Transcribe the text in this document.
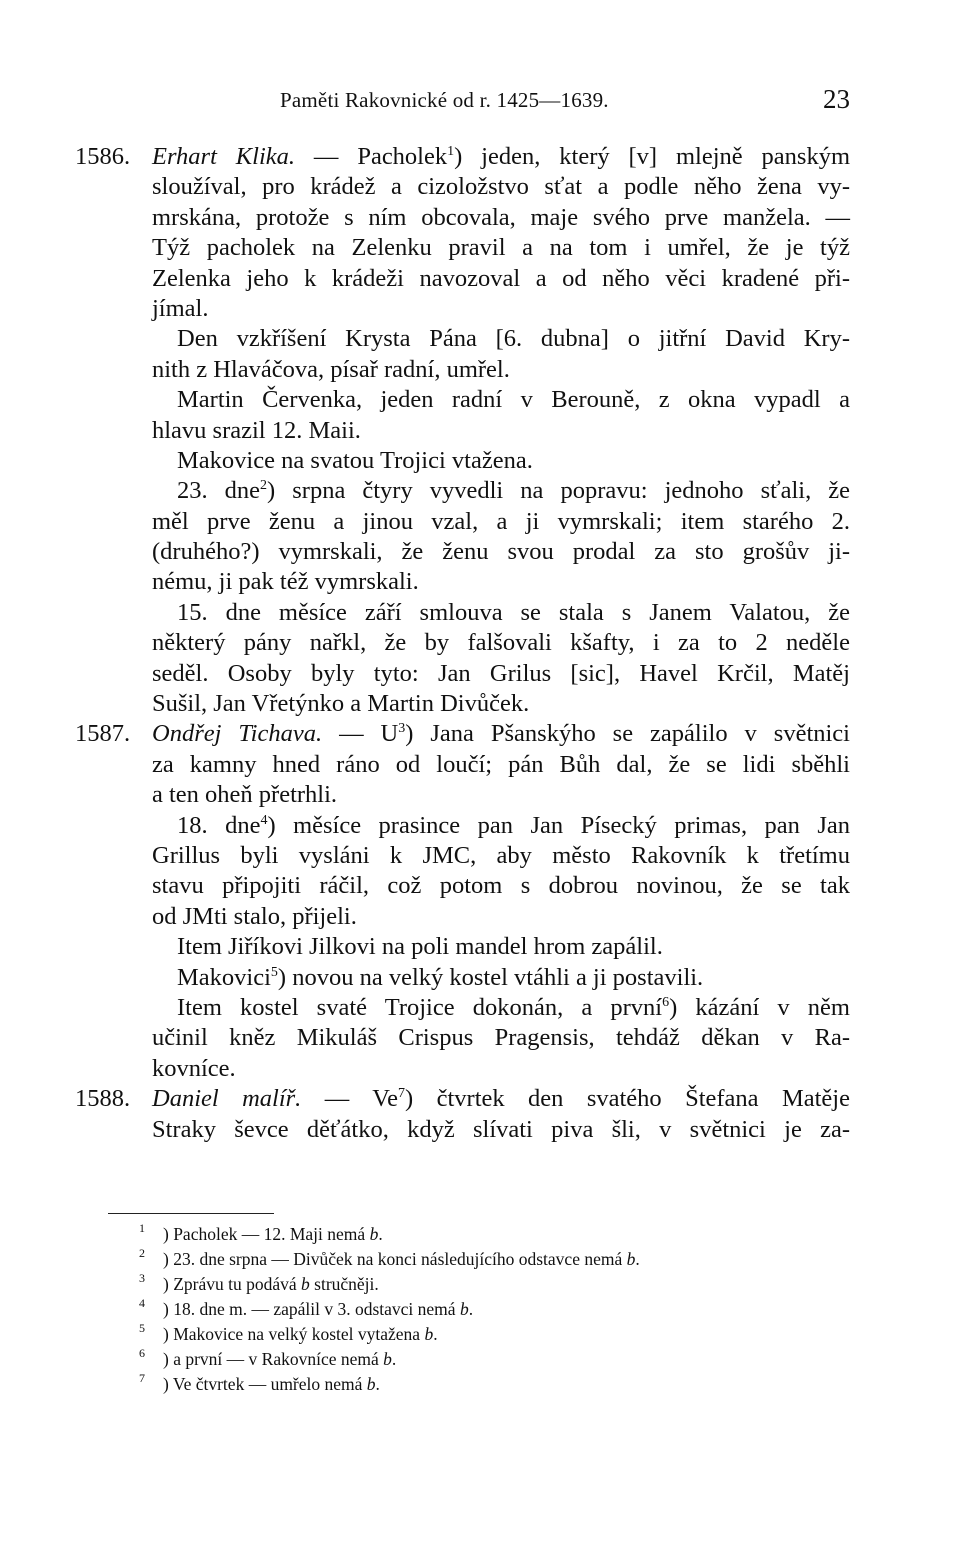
Paměti Rakovnické od r. 1425—1639.	23
1586. Erhart Klika. — Pacholek$^1$) jeden, který [v] mlejně panským
sloužíval, pro krádež a cizoložstvo sťat a podle něho žena vy-
mrskána, protože s ním obcovala, maje svého prve manžela. —
Týž pacholek na Zelenku pravil a na tom i umřel, že je týž
Zelenka jeho k krádeži navozoval a od něho věci kradené při-
jímal.
Den vzkříšení Krysta Pána [6. dubna] o jitřní David Kry-
nith z Hlaváčova, písař radní, umřel.
Martin Červenka, jeden radní v Berouně, z okna vypadl a
hlavu srazil 12. Maii.
Makovice na svatou Trojici vtažena.
23. dne$^2$) srpna čtyry vyvedli na popravu: jednoho sťali, že
měl prve ženu a jinou vzal, a ji vymrskali; item starého 2.
(druhého?) vymrskali, že ženu svou prodal za sto grošův ji-
nému, ji pak též vymrskali.
15. dne měsíce září smlouva se stala s Janem Valatou, že
některý pány nařkl, že by falšovali kšafty, i za to 2 neděle
seděl. Osoby byly tyto: Jan Grilus [sic], Havel Krčil, Matěj
Sušil, Jan Vřetýnko a Martin Divůček.
1587. Ondřej Tichava. — $U^3$) Jana Pšanskýho se zapálilo v světnici
za kamny hned ráno od loučí; pán Bůh dal, že se lidi sběhli
a ten oheň přetrhli.
18. dne$^4$) měsíce prasince pan Jan Písecký primas, pan Jan
Grillus byli vysláni k JMC, aby město Rakovník k třetímu
stavu připojiti ráčil, což potom s dobrou novinou, že se tak
od JMti stalo, přijeli.
Item Jiříkovi Jilkovi na poli mandel hrom zapálil.
Makovici$^5$) novou na velký kostel vtáhli a ji postavili.
Item kostel svaté Trojice dokonán, a první$^6$) kázání v něm
učinil kněz Mikuláš Crispus Pragensis, tehdáž děkan v Ra-
kovníce.
1588. Daniel malíř. — Ve$^7$) čtvrtek den svatého Štefana Matěje
Straky ševce děťátko, když slívati piva šli, v světnici je za-
1 ) Pacholek — 12. Maji nemá b.
2 ) 23. dne srpna — Divůček na konci následujícího odstavce nemá b.
3 ) Zprávu tu podává b stručněji.
4 ) 18. dne m. — zapálil v 3. odstavci nemá b.
5 ) Makovice na velký kostel vytažena b.
6 ) a první — v Rakovníce nemá b.
7 ) Ve čtvrtek — umřelo nemá b.
